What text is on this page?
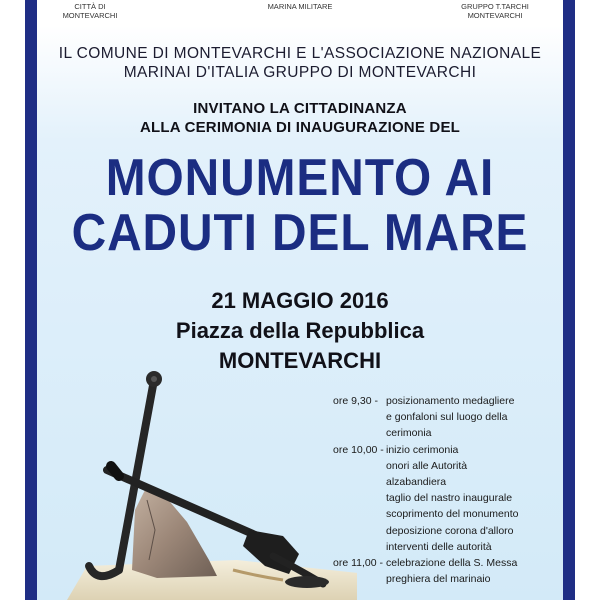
CITTÀ DI
MONTEVARCHI
MARINA MILITARE	GRUPPO T.TARCHI
MONTEVARCHI
IL COMUNE DI MONTEVARCHI E L'ASSOCIAZIONE NAZIONALE
MARINAI D'ITALIA GRUPPO DI MONTEVARCHI
INVITANO LA CITTADINANZA
ALLA CERIMONIA DI INAUGURAZIONE DEL
MONUMENTO AI
CADUTI DEL MARE
21 MAGGIO 2016
Piazza della Repubblica
MONTEVARCHI
ore 9,30 - posizionamento medagliere
e gonfaloni sul luogo della
cerimonia
ore 10,00 - inizio cerimonia
onori alle Autorità
alzabandiera
taglio del nastro inaugurale
scoprimento del monumento
deposizione corona d'alloro
interventi delle autorità
ore 11,00 - celebrazione della S. Messa
preghiera del marinaio
